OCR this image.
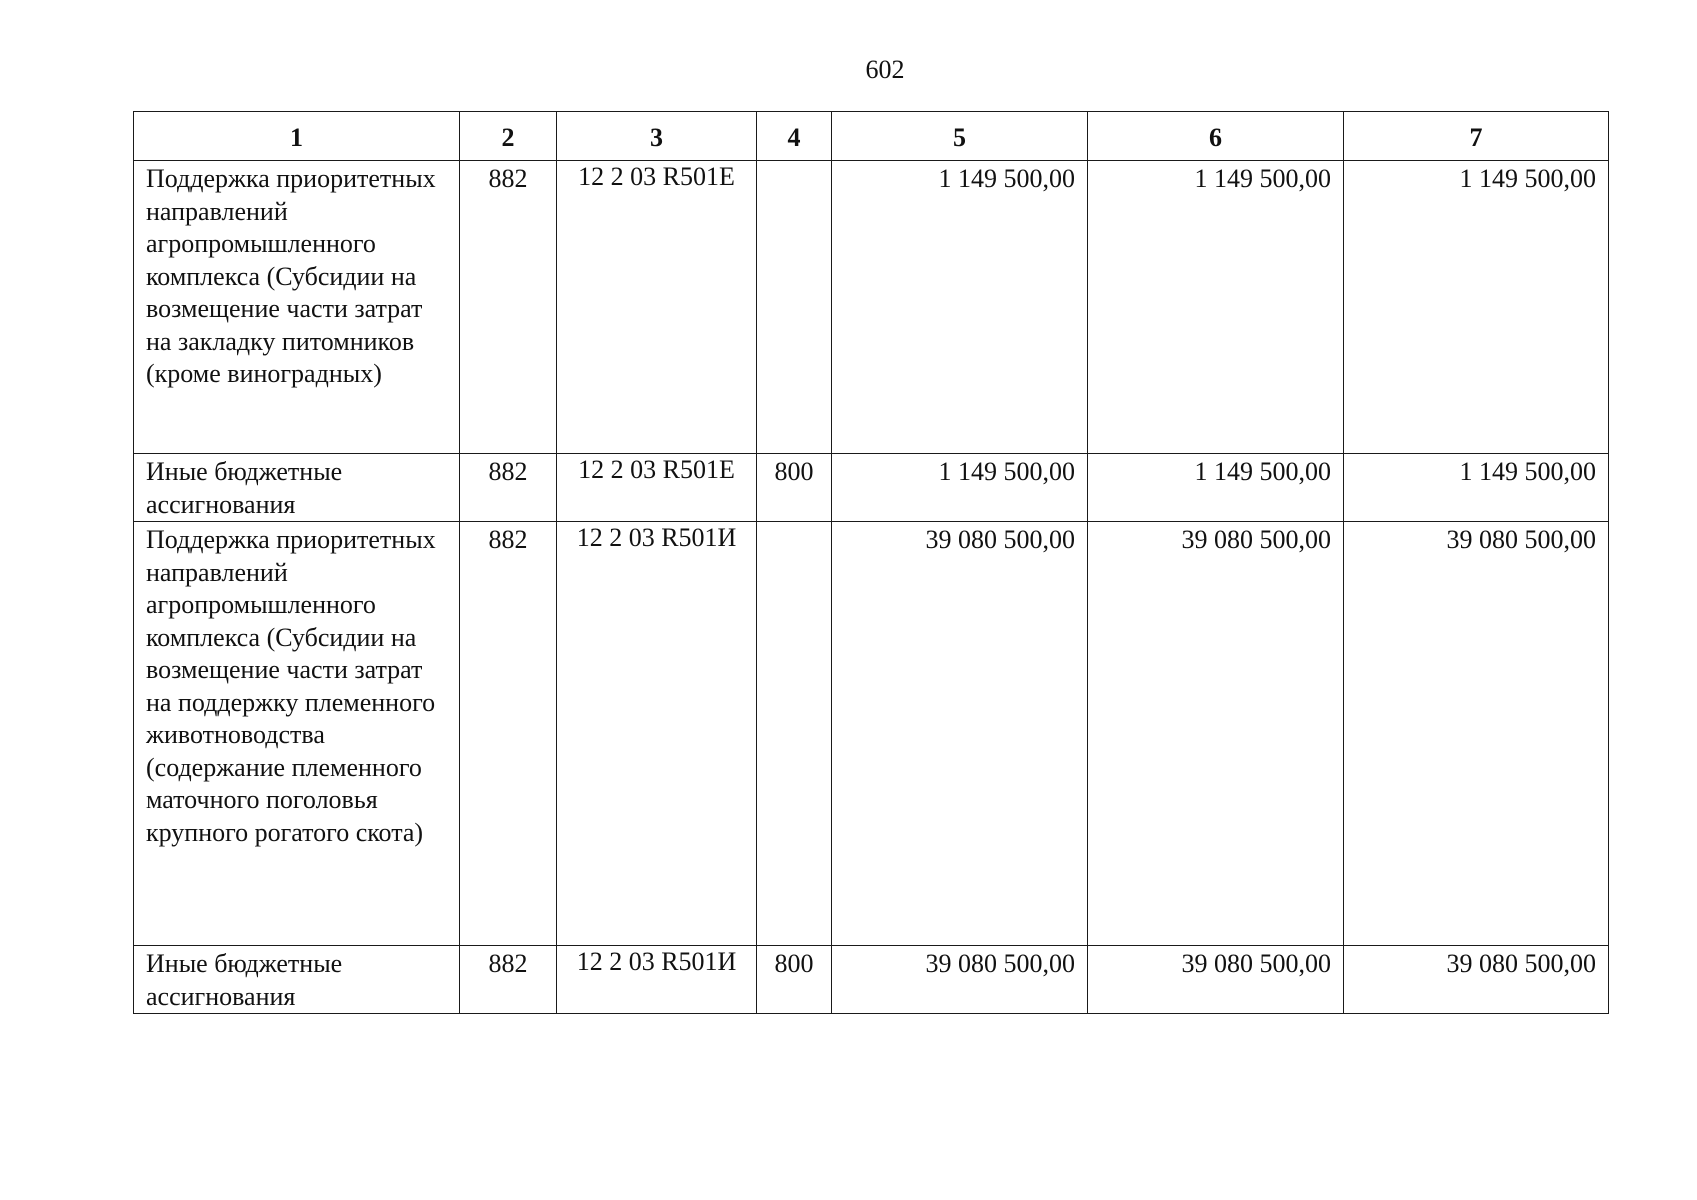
602
1	2	3	4	5	6	7
Поддержка приоритетных направлений агропромышленного комплекса (Субсидии на возмещение части затрат на закладку питомников (кроме виноградных)	882	12 2 03 R501Е		1 149 500,00	1 149 500,00	1 149 500,00
Иные бюджетные ассигнования	882	12 2 03 R501Е	800	1 149 500,00	1 149 500,00	1 149 500,00
Поддержка приоритетных направлений агропромышленного комплекса (Субсидии на возмещение части затрат на поддержку племенного животноводства (содержание племенного маточного поголовья крупного рогатого скота)	882	12 2 03 R501И		39 080 500,00	39 080 500,00	39 080 500,00
Иные бюджетные ассигнования	882	12 2 03 R501И	800	39 080 500,00	39 080 500,00	39 080 500,00
